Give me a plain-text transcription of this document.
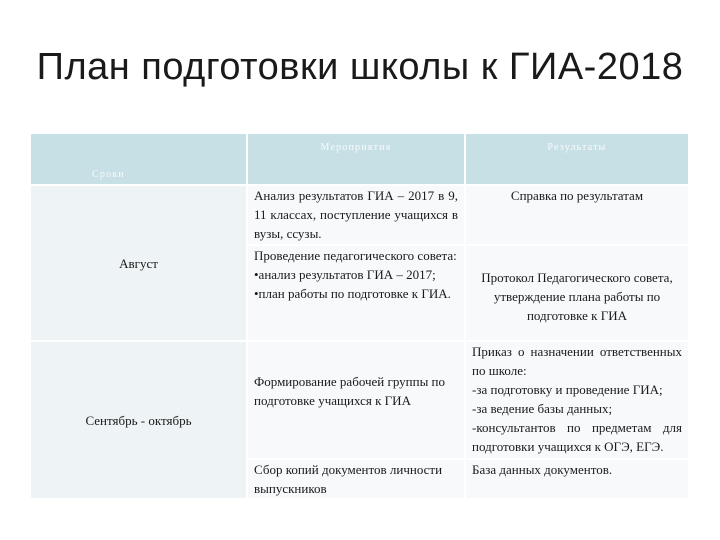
План подготовки школы к ГИА-2018
Сроки	Мероприятия	Результаты
Август	Анализ результатов ГИА – 2017 в 9, 11 классах, поступление учащихся в вузы, ссузы.	Справка по результатам

	Проведение педагогического совета:
•анализ результатов ГИА – 2017;
•план работы по подготовке к ГИА.	Протокол Педагогического совета, утверждение плана работы по подготовке к ГИА
Сентябрь - октябрь	Формирование рабочей группы по подготовке учащихся к ГИА	Приказ о назначении ответственных по школе:
-за подготовку и проведение ГИА;
-за ведение базы данных;
-консультантов по предметам для подготовки учащихся к ОГЭ, ЕГЭ.

	Сбор копий документов личности выпускников	База данных документов.
